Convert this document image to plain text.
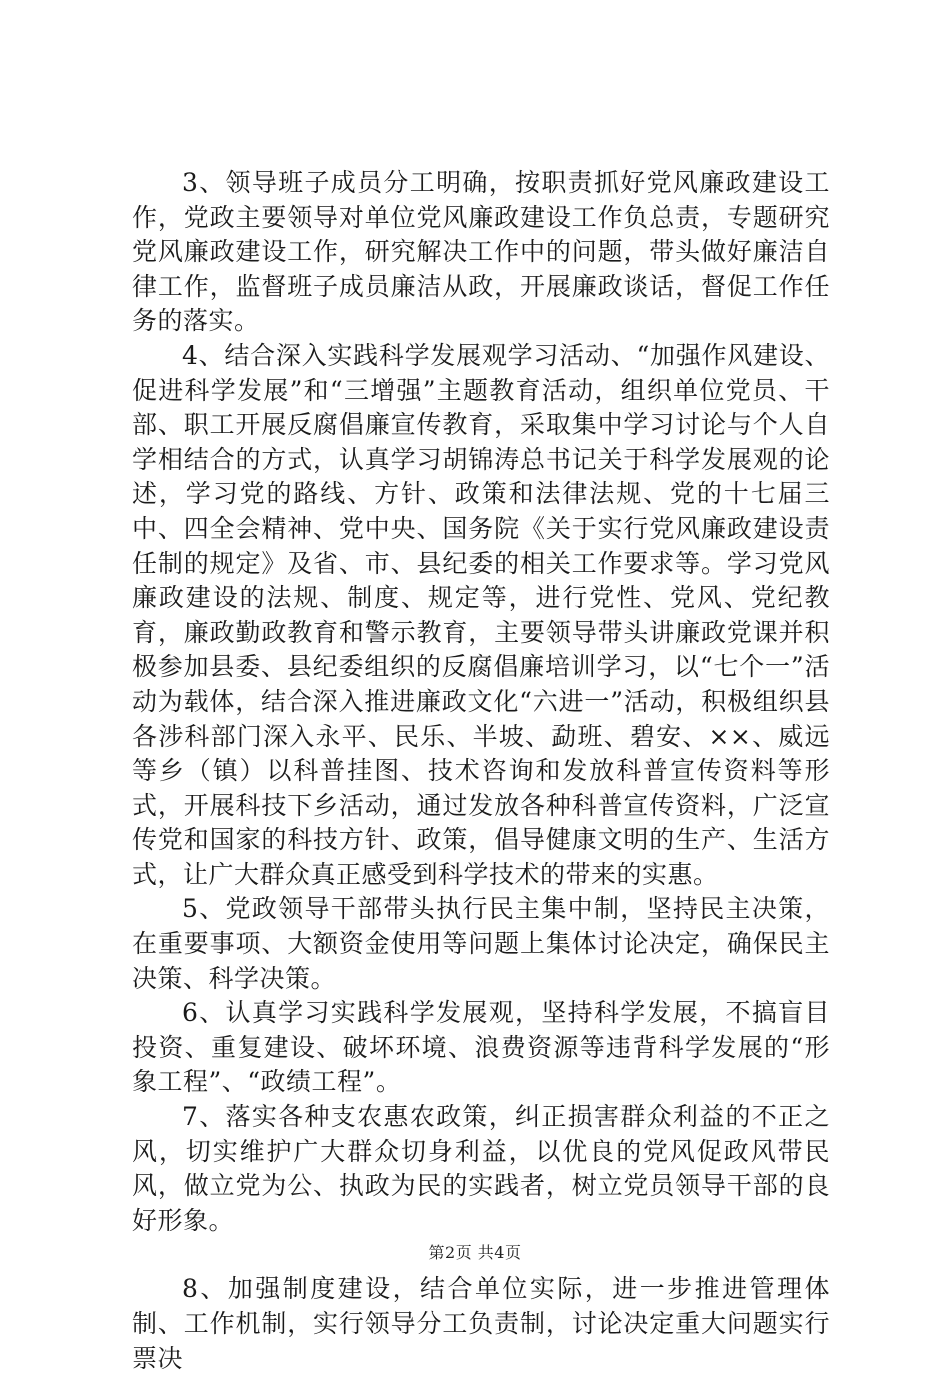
3、领导班子成员分工明确，按职责抓好党风廉政建设工作，党政主要领导对单位党风廉政建设工作负总责，专题研究党风廉政建设工作，研究解决工作中的问题，带头做好廉洁自律工作，监督班子成员廉洁从政，开展廉政谈话，督促工作任务的落实。

4、结合深入实践科学发展观学习活动、“加强作风建设、促进科学发展”和“三增强”主题教育活动，组织单位党员、干部、职工开展反腐倡廉宣传教育，采取集中学习讨论与个人自学相结合的方式，认真学习胡锦涛总书记关于科学发展观的论述，学习党的路线、方针、政策和法律法规、党的十七届三中、四全会精神、党中央、国务院《关于实行党风廉政建设责任制的规定》及省、市、县纪委的相关工作要求等。学习党风廉政建设的法规、制度、规定等，进行党性、党风、党纪教育，廉政勤政教育和警示教育，主要领导带头讲廉政党课并积极参加县委、县纪委组织的反腐倡廉培训学习，以“七个一”活动为载体，结合深入推进廉政文化“六进一”活动，积极组织县各涉科部门深入永平、民乐、半坡、勐班、碧安、××、威远等乡（镇）以科普挂图、技术咨询和发放科普宣传资料等形式，开展科技下乡活动，通过发放各种科普宣传资料，广泛宣传党和国家的科技方针、政策，倡导健康文明的生产、生活方式，让广大群众真正感受到科学技术的带来的实惠。

5、党政领导干部带头执行民主集中制，坚持民主决策，在重要事项、大额资金使用等问题上集体讨论决定，确保民主决策、科学决策。

6、认真学习实践科学发展观，坚持科学发展，不搞盲目投资、重复建设、破坏环境、浪费资源等违背科学发展的“形象工程”、“政绩工程”。

7、落实各种支农惠农政策，纠正损害群众利益的不正之风，切实维护广大群众切身利益，以优良的党风促政风带民风，做立党为公、执政为民的实践者，树立党员领导干部的良好形象。

8、加强制度建设，结合单位实际，进一步推进管理体制、工作机制，实行领导分工负责制，讨论决定重大问题实行票决

第2页 共4页
